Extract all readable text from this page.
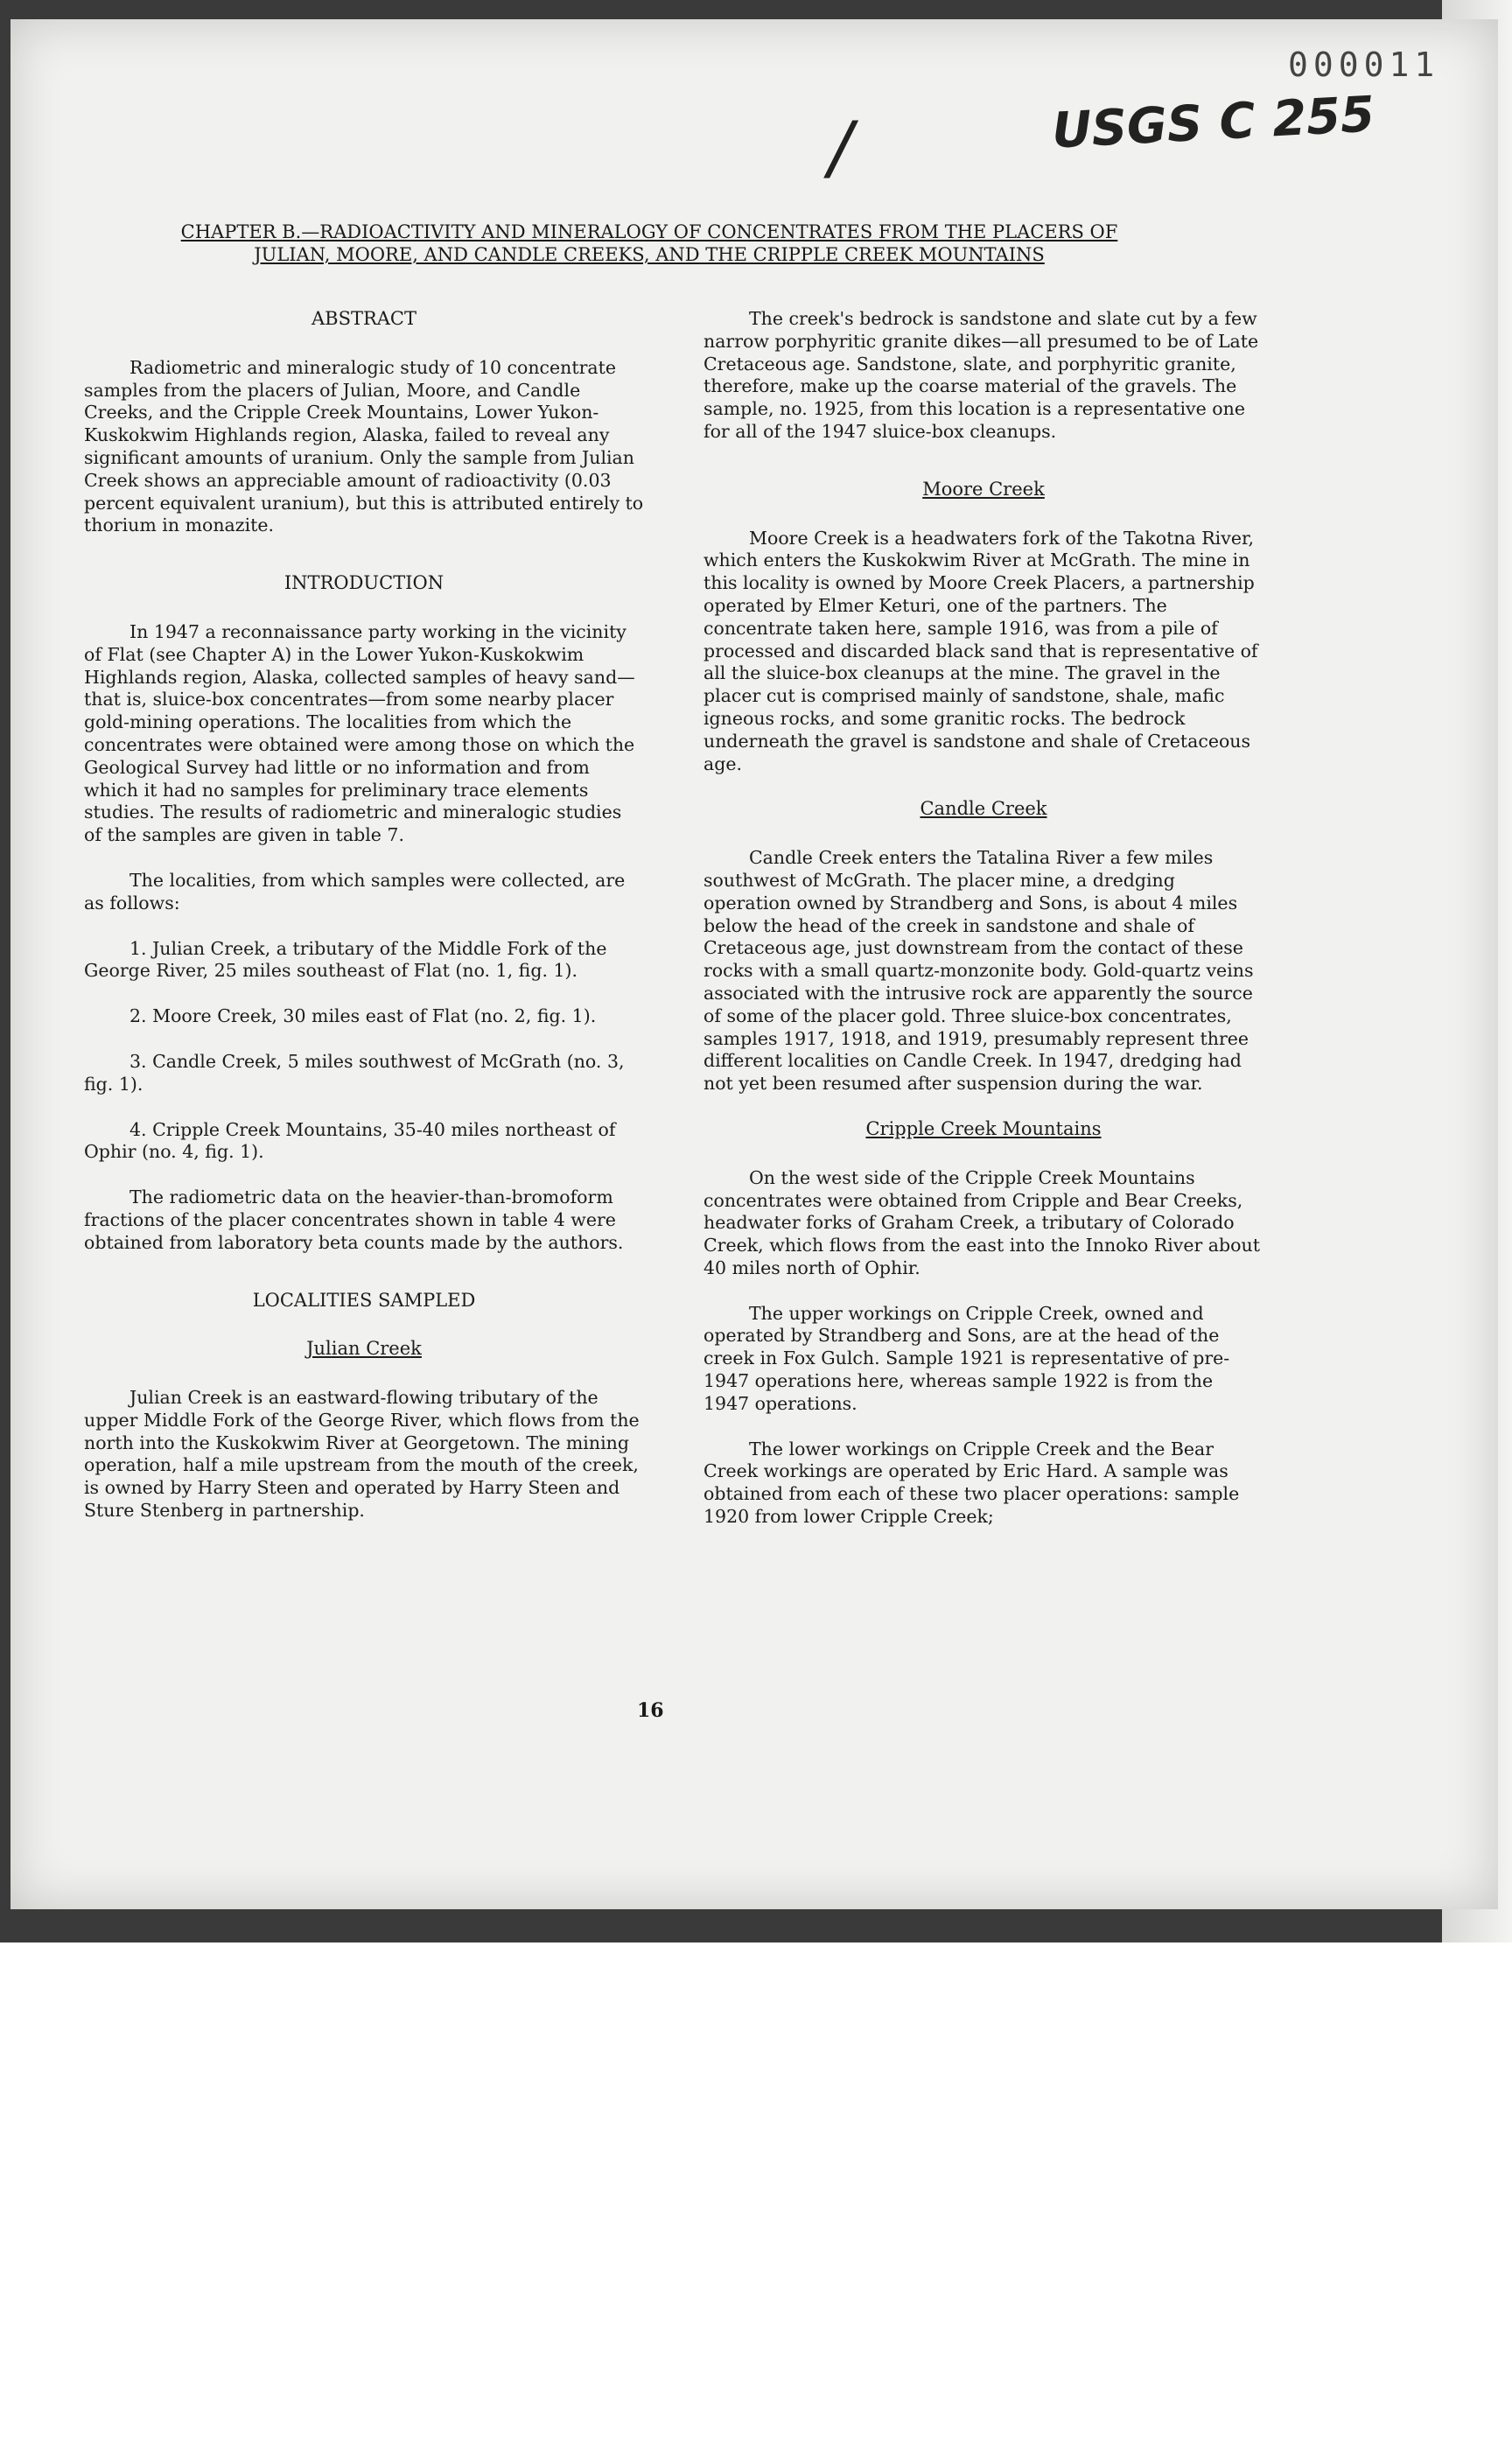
000011
USGS C 255
/
CHAPTER B.—RADIOACTIVITY AND MINERALOGY OF CONCENTRATES FROM THE PLACERS OF
JULIAN, MOORE, AND CANDLE CREEKS, AND THE CRIPPLE CREEK MOUNTAINS
ABSTRACT

Radiometric and mineralogic study of 10 concentrate samples from the placers of Julian, Moore, and Candle Creeks, and the Cripple Creek Mountains, Lower Yukon-Kuskokwim Highlands region, Alaska, failed to reveal any significant amounts of uranium. Only the sample from Julian Creek shows an appreciable amount of radioactivity (0.03 percent equivalent uranium), but this is attributed entirely to thorium in monazite.

INTRODUCTION

In 1947 a reconnaissance party working in the vicinity of Flat (see Chapter A) in the Lower Yukon-Kuskokwim Highlands region, Alaska, collected samples of heavy sand—that is, sluice-box concentrates—from some nearby placer gold-mining operations. The localities from which the concentrates were obtained were among those on which the Geological Survey had little or no information and from which it had no samples for preliminary trace elements studies. The results of radiometric and mineralogic studies of the samples are given in table 7.

The localities, from which samples were collected, are as follows:

1. Julian Creek, a tributary of the Middle Fork of the George River, 25 miles southeast of Flat (no. 1, fig. 1).

2. Moore Creek, 30 miles east of Flat (no. 2, fig. 1).

3. Candle Creek, 5 miles southwest of McGrath (no. 3, fig. 1).

4. Cripple Creek Mountains, 35-40 miles northeast of Ophir (no. 4, fig. 1).

The radiometric data on the heavier-than-bromoform fractions of the placer concentrates shown in table 4 were obtained from laboratory beta counts made by the authors.

LOCALITIES SAMPLED
Julian Creek

Julian Creek is an eastward-flowing tributary of the upper Middle Fork of the George River, which flows from the north into the Kuskokwim River at Georgetown. The mining operation, half a mile upstream from the mouth of the creek, is owned by Harry Steen and operated by Harry Steen and Sture Stenberg in partnership.

The creek's bedrock is sandstone and slate cut by a few narrow porphyritic granite dikes—all presumed to be of Late Cretaceous age. Sandstone, slate, and porphyritic granite, therefore, make up the coarse material of the gravels. The sample, no. 1925, from this location is a representative one for all of the 1947 sluice-box cleanups.

Moore Creek

Moore Creek is a headwaters fork of the Takotna River, which enters the Kuskokwim River at McGrath. The mine in this locality is owned by Moore Creek Placers, a partnership operated by Elmer Keturi, one of the partners. The concentrate taken here, sample 1916, was from a pile of processed and discarded black sand that is representative of all the sluice-box cleanups at the mine. The gravel in the placer cut is comprised mainly of sandstone, shale, mafic igneous rocks, and some granitic rocks. The bedrock underneath the gravel is sandstone and shale of Cretaceous age.

Candle Creek

Candle Creek enters the Tatalina River a few miles southwest of McGrath. The placer mine, a dredging operation owned by Strandberg and Sons, is about 4 miles below the head of the creek in sandstone and shale of Cretaceous age, just downstream from the contact of these rocks with a small quartz-monzonite body. Gold-quartz veins associated with the intrusive rock are apparently the source of some of the placer gold. Three sluice-box concentrates, samples 1917, 1918, and 1919, presumably represent three different localities on Candle Creek. In 1947, dredging had not yet been resumed after suspension during the war.

Cripple Creek Mountains

On the west side of the Cripple Creek Mountains concentrates were obtained from Cripple and Bear Creeks, headwater forks of Graham Creek, a tributary of Colorado Creek, which flows from the east into the Innoko River about 40 miles north of Ophir.

The upper workings on Cripple Creek, owned and operated by Strandberg and Sons, are at the head of the creek in Fox Gulch. Sample 1921 is representative of pre-1947 operations here, whereas sample 1922 is from the 1947 operations.

The lower workings on Cripple Creek and the Bear Creek workings are operated by Eric Hard. A sample was obtained from each of these two placer operations: sample 1920 from lower Cripple Creek;

16
